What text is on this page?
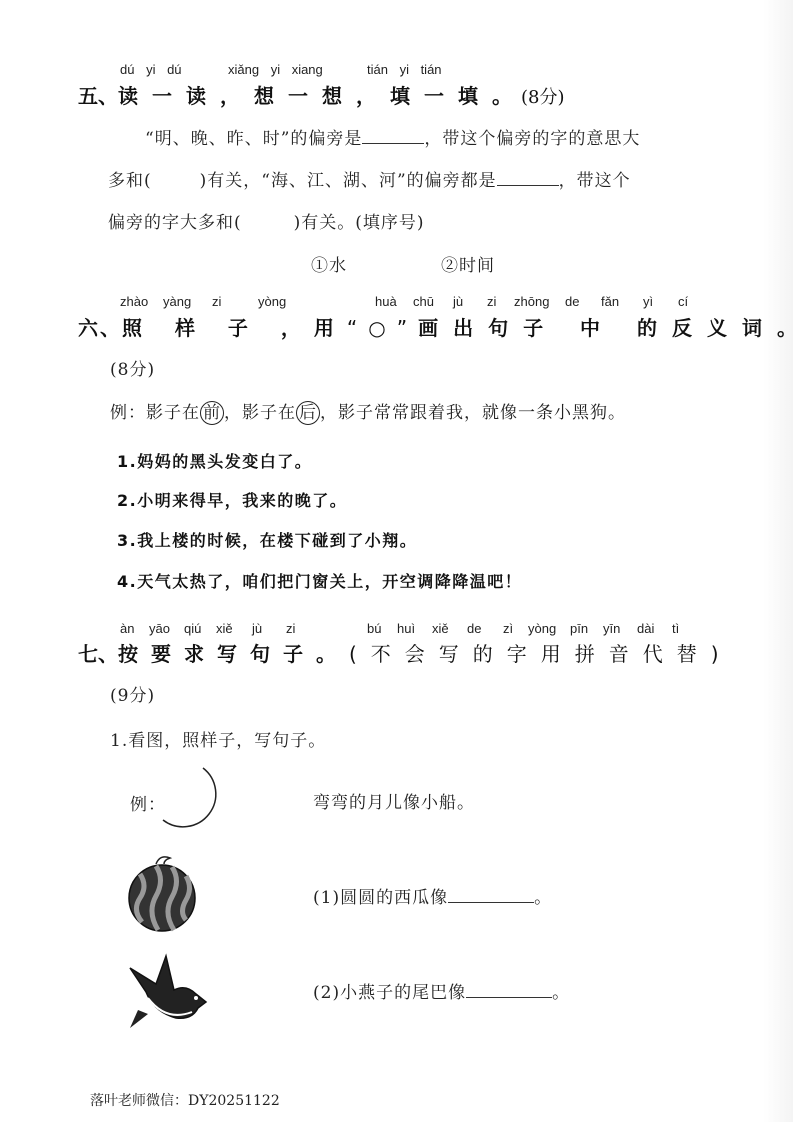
dú yi dú	xiǎng yi xiang	tián yi tián
五、读一读，想一想，填一填。(8分)
“明、晚、昨、时”的偏旁是	，带这个偏旁的字的意思大
多和(	)有关，“海、江、湖、河”的偏旁都是	，带这个
偏旁的字大多和(	)有关。(填序号)
①水	②时间
zhào yàng zi	yòng	huà chū jù zi zhōng de fǎn yì cí
六、照 样 子 ，用“○”画出句子 中 的反义词。
(8分)
例：影子在 前 ，影子在 后 ，影子常常跟着我，就像一条小黑狗。
1.妈妈的黑头发变白了。
2.小明来得早，我来的晚了。
3.我上楼的时候，在楼下碰到了小翔。
4.天气太热了，咱们把门窗关上，开空调降降温吧！
àn yāo qiú xiě jù zi	bú huì xiě de zì yòng pīn yīn dài tì
七、按要求写句子。(不会写的字用拼音代替)
(9分)
1.看图，照样子，写句子。
例：	弯弯的月儿像小船。
(1)圆圆的西瓜像	。
(2)小燕子的尾巴像	。
落叶老师微信：DY20251122
